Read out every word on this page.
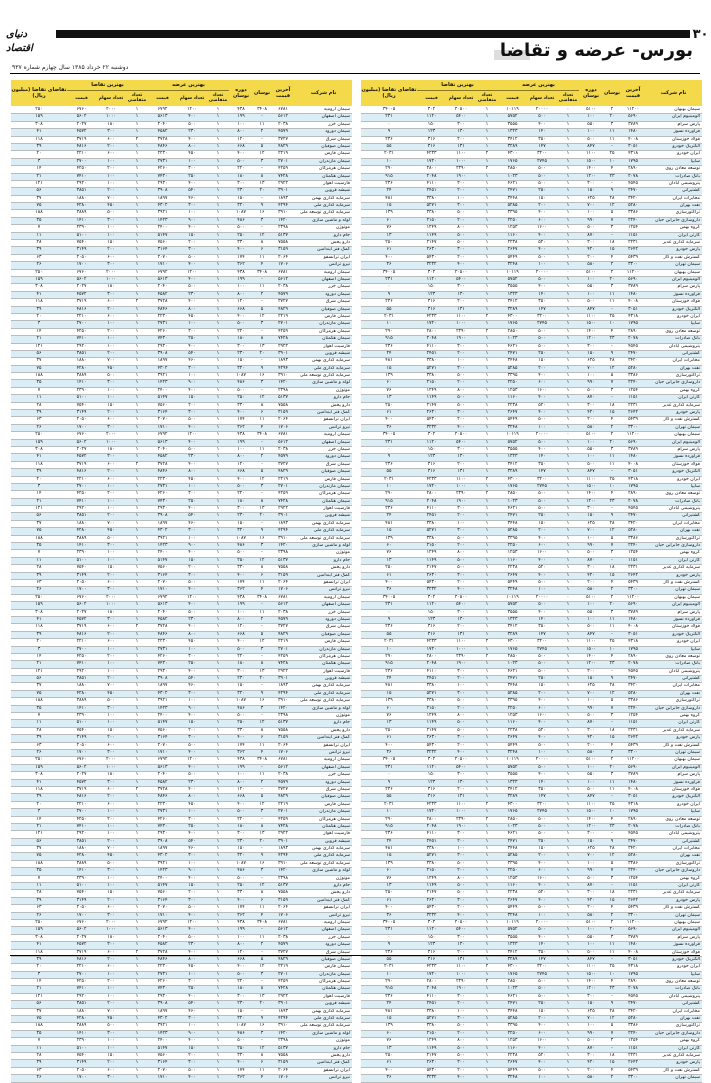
دنیای اقتصاد
۳۰
بورس- عرضه و تقاضا
دوشنبه ۲۲ خرداد ۱۳۸۵ سال چهارم شماره ۹۳۷
نام شرکت
آخرین قیمت
نوسان
دوره نوسان
بهترین عرضه
بهترین تقاضا
تعداد متقاضی
تعداد سهام
قیمت
تعداد متقاضی
تعداد سهام
قیمت
تقاضای تقاضا (میلیون ریال)
سیمان بهبهان
۱۱۲۰۰
۲
۵۱۰۰
۰
۲۰۰۰۰
۱۰۱۱۹
۱
۲۰۵۰۰
۳۰۲
۳۴۰۰۵
آلومینیوم ایران
۵۶۹۰
۲۰
۱۰۰
۱
۵۰۰
۵۷۵۲
۱
۵۴۰۰
۱۱۲۰
۲۳۱
پارس سرام
۳۷۸۹
۳
۵۵۰
۱
۴۰۰
۳۵۵۵
۱
۳۰۰
۱۵۰
۰
فرآورده نسوز
۱۴۸۰
۱۱
۱۰۰
۱
۱۴۰
۱۳۲۳
۱
۱۳۰
۱۲۳
۹
فولاد خوزستان
۴۰۰۸
۱۱
۵۰۰
۱
۳۵۰
۳۴۱۲
۱
۲۰۰
۳۱۶
۲۳۶
الکتریک خودرو
۳۰۵۱
-
۸۴۷
۱
۱۴۷
۳۲۸۹
۱
۱۳۱
۳۱۶
۵۵
ایران خودرو
۴۳۱۸
۲۵
۱۱۰۰
۱
۳۲۰۰
۴۳۰۰
۲
۱۱۰۰
۴۲۳۳
۲۰۳۱
سایپا
۱۷۹۵
۱۰
۱۵۰۰
۱
۲۷۴۵
۱۷۶۵
۱
۱۰۰۰
۱۷۲۰
۱۰
توسعه معادن روی
۲۸۹۰
۴
۱۴۰۰
۱
۵۰۰
۲۸۵۰
۲
۲۳۹۰
۲۸۰۰
۲۹۰
بانک صادرات
۲۰۷۸
۲۳
۱۲۰۰
۱
۵۰۰
۱۰۲۳
۱
۱۹۰۰
۲۰۴۸
۹۱۵
پتروشیمی آبادان
۴۵۴۵
-
۳۰۰
۱
۵۰۰
۴۶۲۱
۱
۳۰۰
۴۱۱۰
۲۳۶
کشتیرانی
۲۴۷۰
۹
۱۵۰
۱
۲۵۰
۲۴۷۱
۱
۲۰۰
۲۴۵۱
۲۴
مخابرات ایران
۳۴۲۰
۲۸
۶۲۵
۱
۱۵۰
۳۴۴۸
۱
۱۰۰
۳۳۸۰
۴۸۱
نفت بهران
۵۲۸۰
۱۲
۷۰۰
۱
۲۰۰
۵۲۸۵
۱
۳۰۰
۵۲۷۱
۱۵
تراکتورسازی
۳۳۸۶
۵
۱۰۰
۱
۴۰۰
۳۳۹۵
۱
۵۰۰
۳۳۸۰
۱۳۹
داروسازی جابرابن حیان
۲۲۴۰
۷
۹۹۰
۱
۶۰۰
۲۲۵۰
۱
۲۰۰
۲۱۵۰
۶۰
گروه بهمن
۱۲۵۴
۳
۵۰۰
۱
۱۶۰۰
۱۲۵۳
۱
۸۰۰
۱۲۴۹
۷۶
کارتن ایران
۱۱۵۱
-
۸۷۰
۱
۴۰۰
۱۱۶۰
۱
۵۰۰
۱۱۴۹
۱۳
سرمایه گذاری غدیر
۲۲۳۱
۱۸
۳۰۰
۱
۵۲۰
۲۲۳۸
۱
۵۰۰
۲۱۴۷
۲۵۰
پارس خودرو
۲۶۴۲
۱۵
۴۲۰
۱
۴۰۰
۲۶۴۷
۱
۳۰۰
۲۶۳۰
۶۱
گسترش نفت و گاز
۵۴۳۹
۴
۲۰۰
۱
۵۰۰
۵۴۴۹
۱
۲۰۰
۵۴۳۰
۴۰۰
سیمان تهران
۳۳۰۰
۲
۵۸۰
۱
۱۰۰
۳۲۴۸
۱
۴۰۰
۳۲۳۲
۳۶
سیمان بهبهان
۱۱۲۰۰
۲
۵۱۰۰
۰
۲۰۰۰۰
۱۰۱۱۹
۱
۲۰۵۰۰
۳۰۲
۳۴۰۰۵
آلومینیوم ایران
۵۶۹۰
۲۰
۱۰۰
۱
۵۰۰
۵۷۵۲
۱
۵۴۰۰
۱۱۲۰
۲۳۱
پارس سرام
۳۷۸۹
۳
۵۵۰
۱
۴۰۰
۳۵۵۵
۱
۳۰۰
۱۵۰
۰
فرآورده نسوز
۱۴۸۰
۱۱
۱۰۰
۱
۱۴۰
۱۳۲۳
۱
۱۳۰
۱۲۳
۹
فولاد خوزستان
۴۰۰۸
۱۱
۵۰۰
۱
۳۵۰
۳۴۱۲
۱
۲۰۰
۳۱۶
۲۳۶
الکتریک خودرو
۳۰۵۱
-
۸۴۷
۱
۱۴۷
۳۲۸۹
۱
۱۳۱
۳۱۶
۵۵
ایران خودرو
۴۳۱۸
۲۵
۱۱۰۰
۱
۳۲۰۰
۴۳۰۰
۲
۱۱۰۰
۴۲۳۳
۲۰۳۱
سایپا
۱۷۹۵
۱۰
۱۵۰۰
۱
۲۷۴۵
۱۷۶۵
۱
۱۰۰۰
۱۷۲۰
۱۰
توسعه معادن روی
۲۸۹۰
۴
۱۴۰۰
۱
۵۰۰
۲۸۵۰
۲
۲۳۹۰
۲۸۰۰
۲۹۰
بانک صادرات
۲۰۷۸
۲۳
۱۲۰۰
۱
۵۰۰
۱۰۲۳
۱
۱۹۰۰
۲۰۴۸
۹۱۵
پتروشیمی آبادان
۴۵۴۵
-
۳۰۰
۱
۵۰۰
۴۶۲۱
۱
۳۰۰
۴۱۱۰
۲۳۶
کشتیرانی
۲۴۷۰
۹
۱۵۰
۱
۲۵۰
۲۴۷۱
۱
۲۰۰
۲۴۵۱
۲۴
مخابرات ایران
۳۴۲۰
۲۸
۶۲۵
۱
۱۵۰
۳۴۴۸
۱
۱۰۰
۳۳۸۰
۴۸۱
نفت بهران
۵۲۸۰
۱۲
۷۰۰
۱
۲۰۰
۵۲۸۵
۱
۳۰۰
۵۲۷۱
۱۵
تراکتورسازی
۳۳۸۶
۵
۱۰۰
۱
۴۰۰
۳۳۹۵
۱
۵۰۰
۳۳۸۰
۱۳۹
داروسازی جابرابن حیان
۲۲۴۰
۷
۹۹۰
۱
۶۰۰
۲۲۵۰
۱
۲۰۰
۲۱۵۰
۶۰
گروه بهمن
۱۲۵۴
۳
۵۰۰
۱
۱۶۰۰
۱۲۵۳
۱
۸۰۰
۱۲۴۹
۷۶
کارتن ایران
۱۱۵۱
-
۸۷۰
۱
۴۰۰
۱۱۶۰
۱
۵۰۰
۱۱۴۹
۱۳
سرمایه گذاری غدیر
۲۲۳۱
۱۸
۳۰۰
۱
۵۲۰
۲۲۳۸
۱
۵۰۰
۲۱۴۷
۲۵۰
پارس خودرو
۲۶۴۲
۱۵
۴۲۰
۱
۴۰۰
۲۶۴۷
۱
۳۰۰
۲۶۳۰
۶۱
گسترش نفت و گاز
۵۴۳۹
۴
۲۰۰
۱
۵۰۰
۵۴۴۹
۱
۲۰۰
۵۴۳۰
۴۰۰
سیمان تهران
۳۳۰۰
۲
۵۸۰
۱
۱۰۰
۳۲۴۸
۱
۴۰۰
۳۲۳۲
۳۶
سیمان بهبهان
۱۱۲۰۰
۲
۵۱۰۰
۰
۲۰۰۰۰
۱۰۱۱۹
۱
۲۰۵۰۰
۳۰۲
۳۴۰۰۵
آلومینیوم ایران
۵۶۹۰
۲۰
۱۰۰
۱
۵۰۰
۵۷۵۲
۱
۵۴۰۰
۱۱۲۰
۲۳۱
پارس سرام
۳۷۸۹
۳
۵۵۰
۱
۴۰۰
۳۵۵۵
۱
۳۰۰
۱۵۰
۰
فرآورده نسوز
۱۴۸۰
۱۱
۱۰۰
۱
۱۴۰
۱۳۲۳
۱
۱۳۰
۱۲۳
۹
فولاد خوزستان
۴۰۰۸
۱۱
۵۰۰
۱
۳۵۰
۳۴۱۲
۱
۲۰۰
۳۱۶
۲۳۶
الکتریک خودرو
۳۰۵۱
-
۸۴۷
۱
۱۴۷
۳۲۸۹
۱
۱۳۱
۳۱۶
۵۵
ایران خودرو
۴۳۱۸
۲۵
۱۱۰۰
۱
۳۲۰۰
۴۳۰۰
۲
۱۱۰۰
۴۲۳۳
۲۰۳۱
سایپا
۱۷۹۵
۱۰
۱۵۰۰
۱
۲۷۴۵
۱۷۶۵
۱
۱۰۰۰
۱۷۲۰
۱۰
توسعه معادن روی
۲۸۹۰
۴
۱۴۰۰
۱
۵۰۰
۲۸۵۰
۲
۲۳۹۰
۲۸۰۰
۲۹۰
بانک صادرات
۲۰۷۸
۲۳
۱۲۰۰
۱
۵۰۰
۱۰۲۳
۱
۱۹۰۰
۲۰۴۸
۹۱۵
پتروشیمی آبادان
۴۵۴۵
-
۳۰۰
۱
۵۰۰
۴۶۲۱
۱
۳۰۰
۴۱۱۰
۲۳۶
کشتیرانی
۲۴۷۰
۹
۱۵۰
۱
۲۵۰
۲۴۷۱
۱
۲۰۰
۲۴۵۱
۲۴
مخابرات ایران
۳۴۲۰
۲۸
۶۲۵
۱
۱۵۰
۳۴۴۸
۱
۱۰۰
۳۳۸۰
۴۸۱
نفت بهران
۵۲۸۰
۱۲
۷۰۰
۱
۲۰۰
۵۲۸۵
۱
۳۰۰
۵۲۷۱
۱۵
تراکتورسازی
۳۳۸۶
۵
۱۰۰
۱
۴۰۰
۳۳۹۵
۱
۵۰۰
۳۳۸۰
۱۳۹
داروسازی جابرابن حیان
۲۲۴۰
۷
۹۹۰
۱
۶۰۰
۲۲۵۰
۱
۲۰۰
۲۱۵۰
۶۰
گروه بهمن
۱۲۵۴
۳
۵۰۰
۱
۱۶۰۰
۱۲۵۳
۱
۸۰۰
۱۲۴۹
۷۶
کارتن ایران
۱۱۵۱
-
۸۷۰
۱
۴۰۰
۱۱۶۰
۱
۵۰۰
۱۱۴۹
۱۳
سرمایه گذاری غدیر
۲۲۳۱
۱۸
۳۰۰
۱
۵۲۰
۲۲۳۸
۱
۵۰۰
۲۱۴۷
۲۵۰
پارس خودرو
۲۶۴۲
۱۵
۴۲۰
۱
۴۰۰
۲۶۴۷
۱
۳۰۰
۲۶۳۰
۶۱
گسترش نفت و گاز
۵۴۳۹
۴
۲۰۰
۱
۵۰۰
۵۴۴۹
۱
۲۰۰
۵۴۳۰
۴۰۰
سیمان تهران
۳۳۰۰
۲
۵۸۰
۱
۱۰۰
۳۲۴۸
۱
۴۰۰
۳۲۳۲
۳۶
سیمان بهبهان
۱۱۲۰۰
۲
۵۱۰۰
۰
۲۰۰۰۰
۱۰۱۱۹
۱
۲۰۵۰۰
۳۰۲
۳۴۰۰۵
آلومینیوم ایران
۵۶۹۰
۲۰
۱۰۰
۱
۵۰۰
۵۷۵۲
۱
۵۴۰۰
۱۱۲۰
۲۳۱
پارس سرام
۳۷۸۹
۳
۵۵۰
۱
۴۰۰
۳۵۵۵
۱
۳۰۰
۱۵۰
۰
فرآورده نسوز
۱۴۸۰
۱۱
۱۰۰
۱
۱۴۰
۱۳۲۳
۱
۱۳۰
۱۲۳
۹
فولاد خوزستان
۴۰۰۸
۱۱
۵۰۰
۱
۳۵۰
۳۴۱۲
۱
۲۰۰
۳۱۶
۲۳۶
الکتریک خودرو
۳۰۵۱
-
۸۴۷
۱
۱۴۷
۳۲۸۹
۱
۱۳۱
۳۱۶
۵۵
ایران خودرو
۴۳۱۸
۲۵
۱۱۰۰
۱
۳۲۰۰
۴۳۰۰
۲
۱۱۰۰
۴۲۳۳
۲۰۳۱
سایپا
۱۷۹۵
۱۰
۱۵۰۰
۱
۲۷۴۵
۱۷۶۵
۱
۱۰۰۰
۱۷۲۰
۱۰
توسعه معادن روی
۲۸۹۰
۴
۱۴۰۰
۱
۵۰۰
۲۸۵۰
۲
۲۳۹۰
۲۸۰۰
۲۹۰
بانک صادرات
۲۰۷۸
۲۳
۱۲۰۰
۱
۵۰۰
۱۰۲۳
۱
۱۹۰۰
۲۰۴۸
۹۱۵
پتروشیمی آبادان
۴۵۴۵
-
۳۰۰
۱
۵۰۰
۴۶۲۱
۱
۳۰۰
۴۱۱۰
۲۳۶
کشتیرانی
۲۴۷۰
۹
۱۵۰
۱
۲۵۰
۲۴۷۱
۱
۲۰۰
۲۴۵۱
۲۴
مخابرات ایران
۳۴۲۰
۲۸
۶۲۵
۱
۱۵۰
۳۴۴۸
۱
۱۰۰
۳۳۸۰
۴۸۱
نفت بهران
۵۲۸۰
۱۲
۷۰۰
۱
۲۰۰
۵۲۸۵
۱
۳۰۰
۵۲۷۱
۱۵
تراکتورسازی
۳۳۸۶
۵
۱۰۰
۱
۴۰۰
۳۳۹۵
۱
۵۰۰
۳۳۸۰
۱۳۹
داروسازی جابرابن حیان
۲۲۴۰
۷
۹۹۰
۱
۶۰۰
۲۲۵۰
۱
۲۰۰
۲۱۵۰
۶۰
گروه بهمن
۱۲۵۴
۳
۵۰۰
۱
۱۶۰۰
۱۲۵۳
۱
۸۰۰
۱۲۴۹
۷۶
کارتن ایران
۱۱۵۱
-
۸۷۰
۱
۴۰۰
۱۱۶۰
۱
۵۰۰
۱۱۴۹
۱۳
سرمایه گذاری غدیر
۲۲۳۱
۱۸
۳۰۰
۱
۵۲۰
۲۲۳۸
۱
۵۰۰
۲۱۴۷
۲۵۰
پارس خودرو
۲۶۴۲
۱۵
۴۲۰
۱
۴۰۰
۲۶۴۷
۱
۳۰۰
۲۶۳۰
۶۱
گسترش نفت و گاز
۵۴۳۹
۴
۲۰۰
۱
۵۰۰
۵۴۴۹
۱
۲۰۰
۵۴۳۰
۴۰۰
سیمان تهران
۳۳۰۰
۲
۵۸۰
۱
۱۰۰
۳۲۴۸
۱
۴۰۰
۳۲۳۲
۳۶
سیمان بهبهان
۱۱۲۰۰
۲
۵۱۰۰
۰
۲۰۰۰۰
۱۰۱۱۹
۱
۲۰۵۰۰
۳۰۲
۳۴۰۰۵
آلومینیوم ایران
۵۶۹۰
۲۰
۱۰۰
۱
۵۰۰
۵۷۵۲
۱
۵۴۰۰
۱۱۲۰
۲۳۱
پارس سرام
۳۷۸۹
۳
۵۵۰
۱
۴۰۰
۳۵۵۵
۱
۳۰۰
۱۵۰
۰
فرآورده نسوز
۱۴۸۰
۱۱
۱۰۰
۱
۱۴۰
۱۳۲۳
۱
۱۳۰
۱۲۳
۹
فولاد خوزستان
۴۰۰۸
۱۱
۵۰۰
۱
۳۵۰
۳۴۱۲
۱
۲۰۰
۳۱۶
۲۳۶
الکتریک خودرو
۳۰۵۱
-
۸۴۷
۱
۱۴۷
۳۲۸۹
۱
۱۳۱
۳۱۶
۵۵
ایران خودرو
۴۳۱۸
۲۵
۱۱۰۰
۱
۳۲۰۰
۴۳۰۰
۲
۱۱۰۰
۴۲۳۳
۲۰۳۱
سایپا
۱۷۹۵
۱۰
۱۵۰۰
۱
۲۷۴۵
۱۷۶۵
۱
۱۰۰۰
۱۷۲۰
۱۰
توسعه معادن روی
۲۸۹۰
۴
۱۴۰۰
۱
۵۰۰
۲۸۵۰
۲
۲۳۹۰
۲۸۰۰
۲۹۰
بانک صادرات
۲۰۷۸
۲۳
۱۲۰۰
۱
۵۰۰
۱۰۲۳
۱
۱۹۰۰
۲۰۴۸
۹۱۵
پتروشیمی آبادان
۴۵۴۵
-
۳۰۰
۱
۵۰۰
۴۶۲۱
۱
۳۰۰
۴۱۱۰
۲۳۶
کشتیرانی
۲۴۷۰
۹
۱۵۰
۱
۲۵۰
۲۴۷۱
۱
۲۰۰
۲۴۵۱
۲۴
مخابرات ایران
۳۴۲۰
۲۸
۶۲۵
۱
۱۵۰
۳۴۴۸
۱
۱۰۰
۳۳۸۰
۴۸۱
نفت بهران
۵۲۸۰
۱۲
۷۰۰
۱
۲۰۰
۵۲۸۵
۱
۳۰۰
۵۲۷۱
۱۵
تراکتورسازی
۳۳۸۶
۵
۱۰۰
۱
۴۰۰
۳۳۹۵
۱
۵۰۰
۳۳۸۰
۱۳۹
داروسازی جابرابن حیان
۲۲۴۰
۷
۹۹۰
۱
۶۰۰
۲۲۵۰
۱
۲۰۰
۲۱۵۰
۶۰
گروه بهمن
۱۲۵۴
۳
۵۰۰
۱
۱۶۰۰
۱۲۵۳
۱
۸۰۰
۱۲۴۹
۷۶
کارتن ایران
۱۱۵۱
-
۸۷۰
۱
۴۰۰
۱۱۶۰
۱
۵۰۰
۱۱۴۹
۱۳
سرمایه گذاری غدیر
۲۲۳۱
۱۸
۳۰۰
۱
۵۲۰
۲۲۳۸
۱
۵۰۰
۲۱۴۷
۲۵۰
پارس خودرو
۲۶۴۲
۱۵
۴۲۰
۱
۴۰۰
۲۶۴۷
۱
۳۰۰
۲۶۳۰
۶۱
گسترش نفت و گاز
۵۴۳۹
۴
۲۰۰
۱
۵۰۰
۵۴۴۹
۱
۲۰۰
۵۴۳۰
۴۰۰
سیمان تهران
۳۳۰۰
۲
۵۸۰
۱
۱۰۰
۳۲۴۸
۱
۴۰۰
۳۲۳۲
۳۶
سیمان بهبهان
۱۱۲۰۰
۲
۵۱۰۰
۰
۲۰۰۰۰
۱۰۱۱۹
۱
۲۰۵۰۰
۳۰۲
۳۴۰۰۵
آلومینیوم ایران
۵۶۹۰
۲۰
۱۰۰
۱
۵۰۰
۵۷۵۲
۱
۵۴۰۰
۱۱۲۰
۲۳۱
پارس سرام
۳۷۸۹
۳
۵۵۰
۱
۴۰۰
۳۵۵۵
۱
۳۰۰
۱۵۰
۰
فرآورده نسوز
۱۴۸۰
۱۱
۱۰۰
۱
۱۴۰
۱۳۲۳
۱
۱۳۰
۱۲۳
۹
فولاد خوزستان
۴۰۰۸
۱۱
۵۰۰
۱
۳۵۰
۳۴۱۲
۱
۲۰۰
۳۱۶
۲۳۶
الکتریک خودرو
۳۰۵۱
-
۸۴۷
۱
۱۴۷
۳۲۸۹
۱
۱۳۱
۳۱۶
۵۵
ایران خودرو
۴۳۱۸
۲۵
۱۱۰۰
۱
۳۲۰۰
۴۳۰۰
۲
۱۱۰۰
۴۲۳۳
۲۰۳۱
سایپا
۱۷۹۵
۱۰
۱۵۰۰
۱
۲۷۴۵
۱۷۶۵
۱
۱۰۰۰
۱۷۲۰
۱۰
توسعه معادن روی
۲۸۹۰
۴
۱۴۰۰
۱
۵۰۰
۲۸۵۰
۲
۲۳۹۰
۲۸۰۰
۲۹۰
بانک صادرات
۲۰۷۸
۲۳
۱۲۰۰
۱
۵۰۰
۱۰۲۳
۱
۱۹۰۰
۲۰۴۸
۹۱۵
پتروشیمی آبادان
۴۵۴۵
-
۳۰۰
۱
۵۰۰
۴۶۲۱
۱
۳۰۰
۴۱۱۰
۲۳۶
کشتیرانی
۲۴۷۰
۹
۱۵۰
۱
۲۵۰
۲۴۷۱
۱
۲۰۰
۲۴۵۱
۲۴
مخابرات ایران
۳۴۲۰
۲۸
۶۲۵
۱
۱۵۰
۳۴۴۸
۱
۱۰۰
۳۳۸۰
۴۸۱
نفت بهران
۵۲۸۰
۱۲
۷۰۰
۱
۲۰۰
۵۲۸۵
۱
۳۰۰
۵۲۷۱
۱۵
تراکتورسازی
۳۳۸۶
۵
۱۰۰
۱
۴۰۰
۳۳۹۵
۱
۵۰۰
۳۳۸۰
۱۳۹
داروسازی جابرابن حیان
۲۲۴۰
۷
۹۹۰
۱
۶۰۰
۲۲۵۰
۱
۲۰۰
۲۱۵۰
۶۰
گروه بهمن
۱۲۵۴
۳
۵۰۰
۱
۱۶۰۰
۱۲۵۳
۱
۸۰۰
۱۲۴۹
۷۶
کارتن ایران
۱۱۵۱
-
۸۷۰
۱
۴۰۰
۱۱۶۰
۱
۵۰۰
۱۱۴۹
۱۳
سرمایه گذاری غدیر
۲۲۳۱
۱۸
۳۰۰
۱
۵۲۰
۲۲۳۸
۱
۵۰۰
۲۱۴۷
۲۵۰
پارس خودرو
۲۶۴۲
۱۵
۴۲۰
۱
۴۰۰
۲۶۴۷
۱
۳۰۰
۲۶۳۰
۶۱
گسترش نفت و گاز
۵۴۳۹
۴
۲۰۰
۱
۵۰۰
۵۴۴۹
۱
۲۰۰
۵۴۳۰
۴۰۰
سیمان تهران
۳۳۰۰
۲
۵۸۰
۱
۱۰۰
۳۲۴۸
۱
۴۰۰
۳۲۳۲
۳۶
نام شرکت
آخرین قیمت
نوسان
دوره نوسان
بهترین عرضه
بهترین تقاضا
تعداد متقاضی
تعداد سهام
قیمت
تعداد متقاضی
تعداد سهام
قیمت
تقاضای تقاضا (میلیون ریال)
سیمان ارومیه
۶۷۸۱
۳۴۰۸
۴۳۸
۱
۱۲۰۰
۶۷۹۲
۱
۲۰۰۰
۶۷۶۰
۲۵۰
سیمان اصفهان
۵۶۱۲
-
۱۹۹
۱
۴۰۰
۵۶۱۳
۱
۱۰۰۰
۵۶۰۲
۱۵۹
سیمان خزر
۲۰۳۸
۱۱
۱۰۰
۱
۵۰۰
۲۰۴۰
۱
۱۸۰
۲۰۲۷
۳۰۸
سیمان دورود
۴۵۷۹
۲
۸۰۰
۱
۲۳۰
۴۵۸۲
۱
۳۰۰
۴۵۷۲
۴۱
سیمان شرق
۳۷۲۷
-
۱۲۰
۱
۴۰۰
۳۷۲۸
۲
۶۰۰
۳۷۱۹
۱۱۸
سیمان صوفیان
۴۸۲۹
۵
۶۶۸
۱
۸۰۰
۴۸۴۶
۱
۲۰۰
۴۸۱۶
۳۹
سیمان فارس
۲۲۱۹
۱۲
۴۰۰
۱
۴۵۰
۲۲۳۰
۱
۶۰۰
۲۲۱۰
۲۰
سیمان مازندران
۲۷۰۱
۳
۵۰۰
۱
۱۰۰
۲۷۳۱
۱
۱۰۰
۲۷۰۰
۳
سیمان هرمزگان
۴۲۵۹
-
۲۲۰
۱
۳۰۰
۴۲۶۰
۱
۲۰۰
۴۲۵۰
۱۴
سیمان هگمتان
۷۴۲۸
۸
۱۸۰
۱
۲۵۰
۷۴۳۰
۱
۱۰۰
۷۴۱۰
۲۱
فارسیت اهواز
۲۹۲۲
۱۳
۳۰۰
۱
۴۰۰
۲۹۳۰
۱
۱۰۰
۲۹۲۰
۱۲۱
شیشه قزوین
۳۹۰۱
۲۰
۲۳۰
۱
۵۴۰
۳۹۰۸
۱
۲۰۰
۳۸۵۱
۵۶
سرمایه گذاری بهمن
۱۸۹۳
-
۱۵۰
۱
۴۶۰
۱۸۹۷
۱
۷۰۰
۱۸۸۰
۳۷
سرمایه گذاری ملی
۴۲۹۴
۹
۳۲۰
۱
۳۰۰
۴۳۰۲
۱
۴۵۰
۴۲۸۰
۷۵
سرمایه گذاری توسعه ملی
۳۹۱۰
۱۶
۱۰۸۷
۱
۱۰۰
۳۹۲۱
۱
۵۰۰
۳۸۸۹
۱۸۸
لوله و ماشین سازی
۱۴۲۰
۳
۴۸۶
۱
۹۰۰
۱۴۲۳
۱
۳۰۰
۱۴۱۰
۳۵
موتوژن
۲۳۹۸
-
۵۰۰
۱
۴۰۰
۲۴۰۰
۱
۱۰۰
۲۳۹۰
۷
جام دارو
۵۱۳۷
۱۲
۲۵۰
۱
۱۵۰
۵۱۴۷
۱
۱۰۰
۵۱۰۰
۱۱
دارو پخش
۷۵۵۸
۸
۳۳۰
۱
۲۰۰
۷۵۶۰
۱
۱۵۰
۷۵۴۰
۲۸
کمک فنر ایندامین
۳۱۵۹
۶
۴۰۰
۱
۳۰۰
۳۱۶۴
۱
۲۰۰
۳۱۴۹
۳۹
ایران ترانسفو
۲۰۶۴
۱۱
۱۷۴
۱
۵۰۰
۲۰۷۰
۱
۶۰۰
۲۰۵۰
۶۳
نیرو ترانس
۱۷۰۶
۴
۳۶۲
۱
۴۰۰
۱۷۱۰
۱
۳۰۰
۱۷۰۰
۲۶
سیمان ارومیه
۶۷۸۱
۳۴۰۸
۴۳۸
۱
۱۲۰۰
۶۷۹۲
۱
۲۰۰۰
۶۷۶۰
۲۵۰
سیمان اصفهان
۵۶۱۲
-
۱۹۹
۱
۴۰۰
۵۶۱۳
۱
۱۰۰۰
۵۶۰۲
۱۵۹
سیمان خزر
۲۰۳۸
۱۱
۱۰۰
۱
۵۰۰
۲۰۴۰
۱
۱۸۰
۲۰۲۷
۳۰۸
سیمان دورود
۴۵۷۹
۲
۸۰۰
۱
۲۳۰
۴۵۸۲
۱
۳۰۰
۴۵۷۲
۴۱
سیمان شرق
۳۷۲۷
-
۱۲۰
۱
۴۰۰
۳۷۲۸
۲
۶۰۰
۳۷۱۹
۱۱۸
سیمان صوفیان
۴۸۲۹
۵
۶۶۸
۱
۸۰۰
۴۸۴۶
۱
۲۰۰
۴۸۱۶
۳۹
سیمان فارس
۲۲۱۹
۱۲
۴۰۰
۱
۴۵۰
۲۲۳۰
۱
۶۰۰
۲۲۱۰
۲۰
سیمان مازندران
۲۷۰۱
۳
۵۰۰
۱
۱۰۰
۲۷۳۱
۱
۱۰۰
۲۷۰۰
۳
سیمان هرمزگان
۴۲۵۹
-
۲۲۰
۱
۳۰۰
۴۲۶۰
۱
۲۰۰
۴۲۵۰
۱۴
سیمان هگمتان
۷۴۲۸
۸
۱۸۰
۱
۲۵۰
۷۴۳۰
۱
۱۰۰
۷۴۱۰
۲۱
فارسیت اهواز
۲۹۲۲
۱۳
۳۰۰
۱
۴۰۰
۲۹۳۰
۱
۱۰۰
۲۹۲۰
۱۲۱
شیشه قزوین
۳۹۰۱
۲۰
۲۳۰
۱
۵۴۰
۳۹۰۸
۱
۲۰۰
۳۸۵۱
۵۶
سرمایه گذاری بهمن
۱۸۹۳
-
۱۵۰
۱
۴۶۰
۱۸۹۷
۱
۷۰۰
۱۸۸۰
۳۷
سرمایه گذاری ملی
۴۲۹۴
۹
۳۲۰
۱
۳۰۰
۴۳۰۲
۱
۴۵۰
۴۲۸۰
۷۵
سرمایه گذاری توسعه ملی
۳۹۱۰
۱۶
۱۰۸۷
۱
۱۰۰
۳۹۲۱
۱
۵۰۰
۳۸۸۹
۱۸۸
لوله و ماشین سازی
۱۴۲۰
۳
۴۸۶
۱
۹۰۰
۱۴۲۳
۱
۳۰۰
۱۴۱۰
۳۵
موتوژن
۲۳۹۸
-
۵۰۰
۱
۴۰۰
۲۴۰۰
۱
۱۰۰
۲۳۹۰
۷
جام دارو
۵۱۳۷
۱۲
۲۵۰
۱
۱۵۰
۵۱۴۷
۱
۱۰۰
۵۱۰۰
۱۱
دارو پخش
۷۵۵۸
۸
۳۳۰
۱
۲۰۰
۷۵۶۰
۱
۱۵۰
۷۵۴۰
۲۸
کمک فنر ایندامین
۳۱۵۹
۶
۴۰۰
۱
۳۰۰
۳۱۶۴
۱
۲۰۰
۳۱۴۹
۳۹
ایران ترانسفو
۲۰۶۴
۱۱
۱۷۴
۱
۵۰۰
۲۰۷۰
۱
۶۰۰
۲۰۵۰
۶۳
نیرو ترانس
۱۷۰۶
۴
۳۶۲
۱
۴۰۰
۱۷۱۰
۱
۳۰۰
۱۷۰۰
۲۶
سیمان ارومیه
۶۷۸۱
۳۴۰۸
۴۳۸
۱
۱۲۰۰
۶۷۹۲
۱
۲۰۰۰
۶۷۶۰
۲۵۰
سیمان اصفهان
۵۶۱۲
-
۱۹۹
۱
۴۰۰
۵۶۱۳
۱
۱۰۰۰
۵۶۰۲
۱۵۹
سیمان خزر
۲۰۳۸
۱۱
۱۰۰
۱
۵۰۰
۲۰۴۰
۱
۱۸۰
۲۰۲۷
۳۰۸
سیمان دورود
۴۵۷۹
۲
۸۰۰
۱
۲۳۰
۴۵۸۲
۱
۳۰۰
۴۵۷۲
۴۱
سیمان شرق
۳۷۲۷
-
۱۲۰
۱
۴۰۰
۳۷۲۸
۲
۶۰۰
۳۷۱۹
۱۱۸
سیمان صوفیان
۴۸۲۹
۵
۶۶۸
۱
۸۰۰
۴۸۴۶
۱
۲۰۰
۴۸۱۶
۳۹
سیمان فارس
۲۲۱۹
۱۲
۴۰۰
۱
۴۵۰
۲۲۳۰
۱
۶۰۰
۲۲۱۰
۲۰
سیمان مازندران
۲۷۰۱
۳
۵۰۰
۱
۱۰۰
۲۷۳۱
۱
۱۰۰
۲۷۰۰
۳
سیمان هرمزگان
۴۲۵۹
-
۲۲۰
۱
۳۰۰
۴۲۶۰
۱
۲۰۰
۴۲۵۰
۱۴
سیمان هگمتان
۷۴۲۸
۸
۱۸۰
۱
۲۵۰
۷۴۳۰
۱
۱۰۰
۷۴۱۰
۲۱
فارسیت اهواز
۲۹۲۲
۱۳
۳۰۰
۱
۴۰۰
۲۹۳۰
۱
۱۰۰
۲۹۲۰
۱۲۱
شیشه قزوین
۳۹۰۱
۲۰
۲۳۰
۱
۵۴۰
۳۹۰۸
۱
۲۰۰
۳۸۵۱
۵۶
سرمایه گذاری بهمن
۱۸۹۳
-
۱۵۰
۱
۴۶۰
۱۸۹۷
۱
۷۰۰
۱۸۸۰
۳۷
سرمایه گذاری ملی
۴۲۹۴
۹
۳۲۰
۱
۳۰۰
۴۳۰۲
۱
۴۵۰
۴۲۸۰
۷۵
سرمایه گذاری توسعه ملی
۳۹۱۰
۱۶
۱۰۸۷
۱
۱۰۰
۳۹۲۱
۱
۵۰۰
۳۸۸۹
۱۸۸
لوله و ماشین سازی
۱۴۲۰
۳
۴۸۶
۱
۹۰۰
۱۴۲۳
۱
۳۰۰
۱۴۱۰
۳۵
موتوژن
۲۳۹۸
-
۵۰۰
۱
۴۰۰
۲۴۰۰
۱
۱۰۰
۲۳۹۰
۷
جام دارو
۵۱۳۷
۱۲
۲۵۰
۱
۱۵۰
۵۱۴۷
۱
۱۰۰
۵۱۰۰
۱۱
دارو پخش
۷۵۵۸
۸
۳۳۰
۱
۲۰۰
۷۵۶۰
۱
۱۵۰
۷۵۴۰
۲۸
کمک فنر ایندامین
۳۱۵۹
۶
۴۰۰
۱
۳۰۰
۳۱۶۴
۱
۲۰۰
۳۱۴۹
۳۹
ایران ترانسفو
۲۰۶۴
۱۱
۱۷۴
۱
۵۰۰
۲۰۷۰
۱
۶۰۰
۲۰۵۰
۶۳
نیرو ترانس
۱۷۰۶
۴
۳۶۲
۱
۴۰۰
۱۷۱۰
۱
۳۰۰
۱۷۰۰
۲۶
سیمان ارومیه
۶۷۸۱
۳۴۰۸
۴۳۸
۱
۱۲۰۰
۶۷۹۲
۱
۲۰۰۰
۶۷۶۰
۲۵۰
سیمان اصفهان
۵۶۱۲
-
۱۹۹
۱
۴۰۰
۵۶۱۳
۱
۱۰۰۰
۵۶۰۲
۱۵۹
سیمان خزر
۲۰۳۸
۱۱
۱۰۰
۱
۵۰۰
۲۰۴۰
۱
۱۸۰
۲۰۲۷
۳۰۸
سیمان دورود
۴۵۷۹
۲
۸۰۰
۱
۲۳۰
۴۵۸۲
۱
۳۰۰
۴۵۷۲
۴۱
سیمان شرق
۳۷۲۷
-
۱۲۰
۱
۴۰۰
۳۷۲۸
۲
۶۰۰
۳۷۱۹
۱۱۸
سیمان صوفیان
۴۸۲۹
۵
۶۶۸
۱
۸۰۰
۴۸۴۶
۱
۲۰۰
۴۸۱۶
۳۹
سیمان فارس
۲۲۱۹
۱۲
۴۰۰
۱
۴۵۰
۲۲۳۰
۱
۶۰۰
۲۲۱۰
۲۰
سیمان مازندران
۲۷۰۱
۳
۵۰۰
۱
۱۰۰
۲۷۳۱
۱
۱۰۰
۲۷۰۰
۳
سیمان هرمزگان
۴۲۵۹
-
۲۲۰
۱
۳۰۰
۴۲۶۰
۱
۲۰۰
۴۲۵۰
۱۴
سیمان هگمتان
۷۴۲۸
۸
۱۸۰
۱
۲۵۰
۷۴۳۰
۱
۱۰۰
۷۴۱۰
۲۱
فارسیت اهواز
۲۹۲۲
۱۳
۳۰۰
۱
۴۰۰
۲۹۳۰
۱
۱۰۰
۲۹۲۰
۱۲۱
شیشه قزوین
۳۹۰۱
۲۰
۲۳۰
۱
۵۴۰
۳۹۰۸
۱
۲۰۰
۳۸۵۱
۵۶
سرمایه گذاری بهمن
۱۸۹۳
-
۱۵۰
۱
۴۶۰
۱۸۹۷
۱
۷۰۰
۱۸۸۰
۳۷
سرمایه گذاری ملی
۴۲۹۴
۹
۳۲۰
۱
۳۰۰
۴۳۰۲
۱
۴۵۰
۴۲۸۰
۷۵
سرمایه گذاری توسعه ملی
۳۹۱۰
۱۶
۱۰۸۷
۱
۱۰۰
۳۹۲۱
۱
۵۰۰
۳۸۸۹
۱۸۸
لوله و ماشین سازی
۱۴۲۰
۳
۴۸۶
۱
۹۰۰
۱۴۲۳
۱
۳۰۰
۱۴۱۰
۳۵
موتوژن
۲۳۹۸
-
۵۰۰
۱
۴۰۰
۲۴۰۰
۱
۱۰۰
۲۳۹۰
۷
جام دارو
۵۱۳۷
۱۲
۲۵۰
۱
۱۵۰
۵۱۴۷
۱
۱۰۰
۵۱۰۰
۱۱
دارو پخش
۷۵۵۸
۸
۳۳۰
۱
۲۰۰
۷۵۶۰
۱
۱۵۰
۷۵۴۰
۲۸
کمک فنر ایندامین
۳۱۵۹
۶
۴۰۰
۱
۳۰۰
۳۱۶۴
۱
۲۰۰
۳۱۴۹
۳۹
ایران ترانسفو
۲۰۶۴
۱۱
۱۷۴
۱
۵۰۰
۲۰۷۰
۱
۶۰۰
۲۰۵۰
۶۳
نیرو ترانس
۱۷۰۶
۴
۳۶۲
۱
۴۰۰
۱۷۱۰
۱
۳۰۰
۱۷۰۰
۲۶
سیمان ارومیه
۶۷۸۱
۳۴۰۸
۴۳۸
۱
۱۲۰۰
۶۷۹۲
۱
۲۰۰۰
۶۷۶۰
۲۵۰
سیمان اصفهان
۵۶۱۲
-
۱۹۹
۱
۴۰۰
۵۶۱۳
۱
۱۰۰۰
۵۶۰۲
۱۵۹
سیمان خزر
۲۰۳۸
۱۱
۱۰۰
۱
۵۰۰
۲۰۴۰
۱
۱۸۰
۲۰۲۷
۳۰۸
سیمان دورود
۴۵۷۹
۲
۸۰۰
۱
۲۳۰
۴۵۸۲
۱
۳۰۰
۴۵۷۲
۴۱
سیمان شرق
۳۷۲۷
-
۱۲۰
۱
۴۰۰
۳۷۲۸
۲
۶۰۰
۳۷۱۹
۱۱۸
سیمان صوفیان
۴۸۲۹
۵
۶۶۸
۱
۸۰۰
۴۸۴۶
۱
۲۰۰
۴۸۱۶
۳۹
سیمان فارس
۲۲۱۹
۱۲
۴۰۰
۱
۴۵۰
۲۲۳۰
۱
۶۰۰
۲۲۱۰
۲۰
سیمان مازندران
۲۷۰۱
۳
۵۰۰
۱
۱۰۰
۲۷۳۱
۱
۱۰۰
۲۷۰۰
۳
سیمان هرمزگان
۴۲۵۹
-
۲۲۰
۱
۳۰۰
۴۲۶۰
۱
۲۰۰
۴۲۵۰
۱۴
سیمان هگمتان
۷۴۲۸
۸
۱۸۰
۱
۲۵۰
۷۴۳۰
۱
۱۰۰
۷۴۱۰
۲۱
فارسیت اهواز
۲۹۲۲
۱۳
۳۰۰
۱
۴۰۰
۲۹۳۰
۱
۱۰۰
۲۹۲۰
۱۲۱
شیشه قزوین
۳۹۰۱
۲۰
۲۳۰
۱
۵۴۰
۳۹۰۸
۱
۲۰۰
۳۸۵۱
۵۶
سرمایه گذاری بهمن
۱۸۹۳
-
۱۵۰
۱
۴۶۰
۱۸۹۷
۱
۷۰۰
۱۸۸۰
۳۷
سرمایه گذاری ملی
۴۲۹۴
۹
۳۲۰
۱
۳۰۰
۴۳۰۲
۱
۴۵۰
۴۲۸۰
۷۵
سرمایه گذاری توسعه ملی
۳۹۱۰
۱۶
۱۰۸۷
۱
۱۰۰
۳۹۲۱
۱
۵۰۰
۳۸۸۹
۱۸۸
لوله و ماشین سازی
۱۴۲۰
۳
۴۸۶
۱
۹۰۰
۱۴۲۳
۱
۳۰۰
۱۴۱۰
۳۵
موتوژن
۲۳۹۸
-
۵۰۰
۱
۴۰۰
۲۴۰۰
۱
۱۰۰
۲۳۹۰
۷
جام دارو
۵۱۳۷
۱۲
۲۵۰
۱
۱۵۰
۵۱۴۷
۱
۱۰۰
۵۱۰۰
۱۱
دارو پخش
۷۵۵۸
۸
۳۳۰
۱
۲۰۰
۷۵۶۰
۱
۱۵۰
۷۵۴۰
۲۸
کمک فنر ایندامین
۳۱۵۹
۶
۴۰۰
۱
۳۰۰
۳۱۶۴
۱
۲۰۰
۳۱۴۹
۳۹
ایران ترانسفو
۲۰۶۴
۱۱
۱۷۴
۱
۵۰۰
۲۰۷۰
۱
۶۰۰
۲۰۵۰
۶۳
نیرو ترانس
۱۷۰۶
۴
۳۶۲
۱
۴۰۰
۱۷۱۰
۱
۳۰۰
۱۷۰۰
۲۶
سیمان ارومیه
۶۷۸۱
۳۴۰۸
۴۳۸
۱
۱۲۰۰
۶۷۹۲
۱
۲۰۰۰
۶۷۶۰
۲۵۰
سیمان اصفهان
۵۶۱۲
-
۱۹۹
۱
۴۰۰
۵۶۱۳
۱
۱۰۰۰
۵۶۰۲
۱۵۹
سیمان خزر
۲۰۳۸
۱۱
۱۰۰
۱
۵۰۰
۲۰۴۰
۱
۱۸۰
۲۰۲۷
۳۰۸
سیمان دورود
۴۵۷۹
۲
۸۰۰
۱
۲۳۰
۴۵۸۲
۱
۳۰۰
۴۵۷۲
۴۱
سیمان شرق
۳۷۲۷
-
۱۲۰
۱
۴۰۰
۳۷۲۸
۲
۶۰۰
۳۷۱۹
۱۱۸
سیمان صوفیان
۴۸۲۹
۵
۶۶۸
۱
۸۰۰
۴۸۴۶
۱
۲۰۰
۴۸۱۶
۳۹
سیمان فارس
۲۲۱۹
۱۲
۴۰۰
۱
۴۵۰
۲۲۳۰
۱
۶۰۰
۲۲۱۰
۲۰
سیمان مازندران
۲۷۰۱
۳
۵۰۰
۱
۱۰۰
۲۷۳۱
۱
۱۰۰
۲۷۰۰
۳
سیمان هرمزگان
۴۲۵۹
-
۲۲۰
۱
۳۰۰
۴۲۶۰
۱
۲۰۰
۴۲۵۰
۱۴
سیمان هگمتان
۷۴۲۸
۸
۱۸۰
۱
۲۵۰
۷۴۳۰
۱
۱۰۰
۷۴۱۰
۲۱
فارسیت اهواز
۲۹۲۲
۱۳
۳۰۰
۱
۴۰۰
۲۹۳۰
۱
۱۰۰
۲۹۲۰
۱۲۱
شیشه قزوین
۳۹۰۱
۲۰
۲۳۰
۱
۵۴۰
۳۹۰۸
۱
۲۰۰
۳۸۵۱
۵۶
سرمایه گذاری بهمن
۱۸۹۳
-
۱۵۰
۱
۴۶۰
۱۸۹۷
۱
۷۰۰
۱۸۸۰
۳۷
سرمایه گذاری ملی
۴۲۹۴
۹
۳۲۰
۱
۳۰۰
۴۳۰۲
۱
۴۵۰
۴۲۸۰
۷۵
سرمایه گذاری توسعه ملی
۳۹۱۰
۱۶
۱۰۸۷
۱
۱۰۰
۳۹۲۱
۱
۵۰۰
۳۸۸۹
۱۸۸
لوله و ماشین سازی
۱۴۲۰
۳
۴۸۶
۱
۹۰۰
۱۴۲۳
۱
۳۰۰
۱۴۱۰
۳۵
موتوژن
۲۳۹۸
-
۵۰۰
۱
۴۰۰
۲۴۰۰
۱
۱۰۰
۲۳۹۰
۷
جام دارو
۵۱۳۷
۱۲
۲۵۰
۱
۱۵۰
۵۱۴۷
۱
۱۰۰
۵۱۰۰
۱۱
دارو پخش
۷۵۵۸
۸
۳۳۰
۱
۲۰۰
۷۵۶۰
۱
۱۵۰
۷۵۴۰
۲۸
کمک فنر ایندامین
۳۱۵۹
۶
۴۰۰
۱
۳۰۰
۳۱۶۴
۱
۲۰۰
۳۱۴۹
۳۹
ایران ترانسفو
۲۰۶۴
۱۱
۱۷۴
۱
۵۰۰
۲۰۷۰
۱
۶۰۰
۲۰۵۰
۶۳
نیرو ترانس
۱۷۰۶
۴
۳۶۲
۱
۴۰۰
۱۷۱۰
۱
۳۰۰
۱۷۰۰
۲۶
